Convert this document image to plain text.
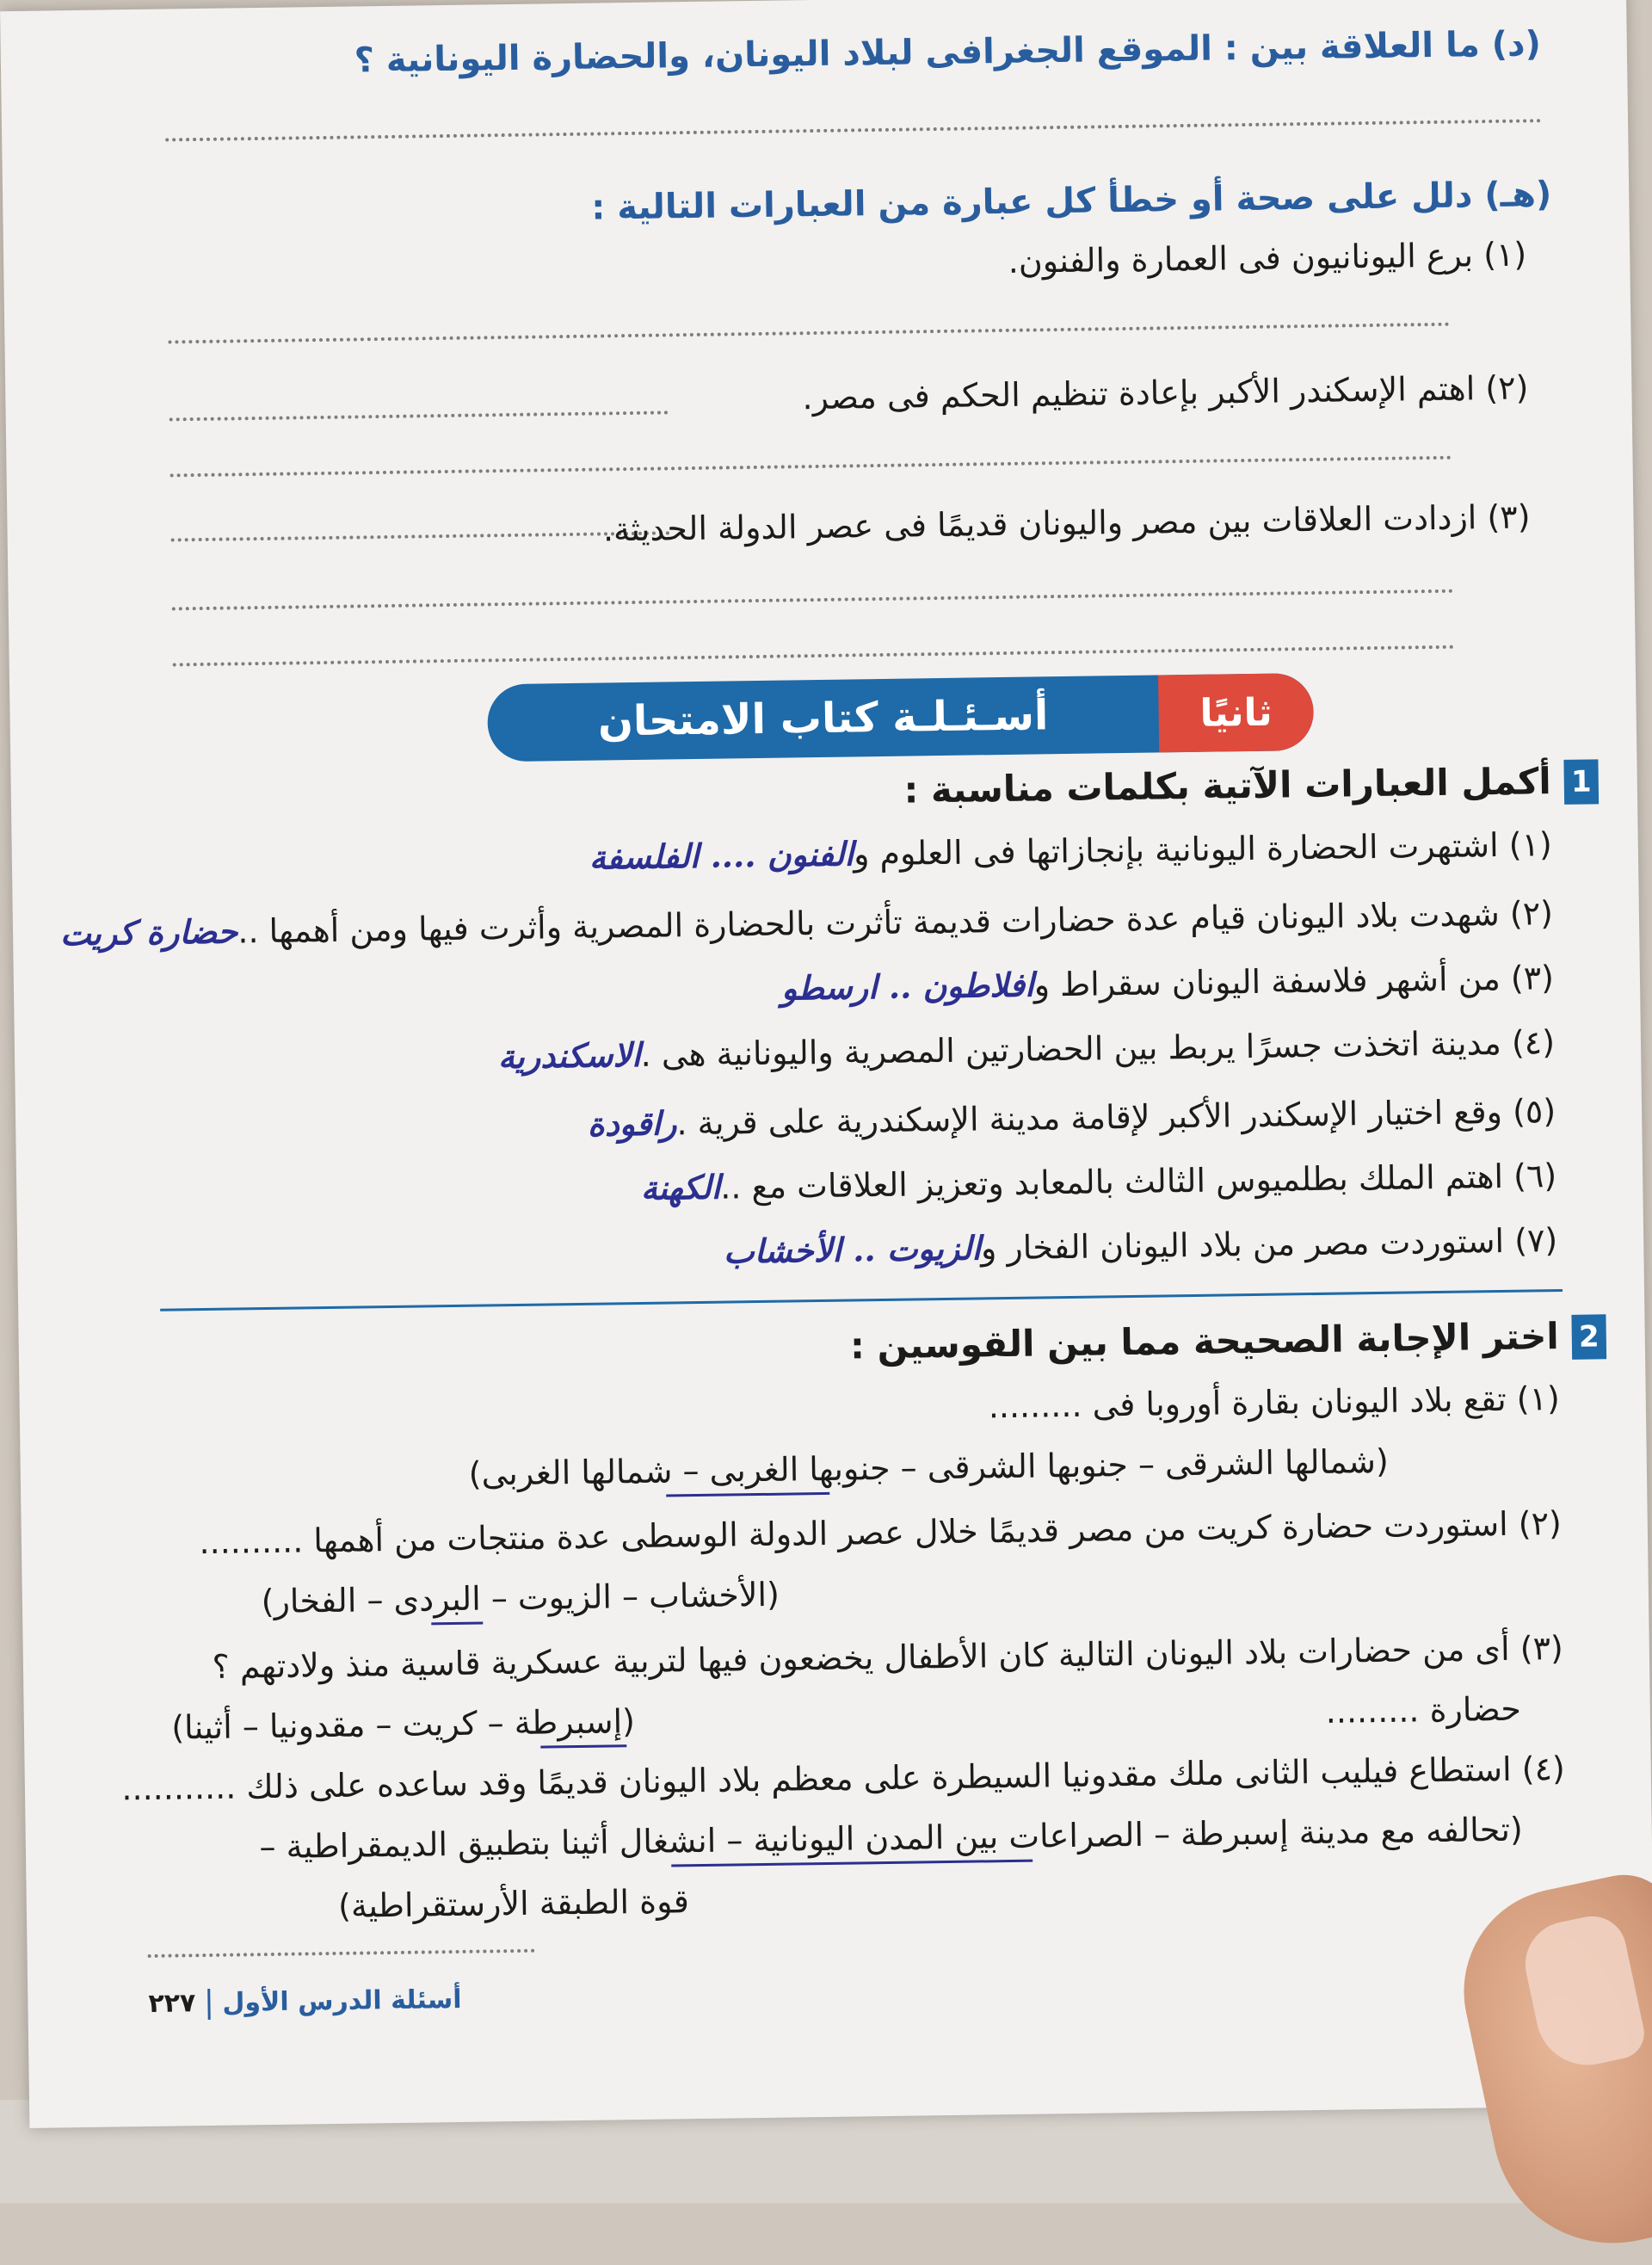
(د) ما العلاقة بين : الموقع الجغرافى لبلاد اليونان، والحضارة اليونانية ؟
(هـ) دلل على صحة أو خطأ كل عبارة من العبارات التالية :
(١) برع اليونانيون فى العمارة والفنون.
(٢) اهتم الإسكندر الأكبر بإعادة تنظيم الحكم فى مصر.
(٣) ازدادت العلاقات بين مصر واليونان قديمًا فى عصر الدولة الحديثة.
أسـئـلـة كتاب الامتحان	ثانيًا
1
أكمل العبارات الآتية بكلمات مناسبة :
(١) اشتهرت الحضارة اليونانية بإنجازاتها فى العلوم والفنون .... الفلسفة
(٢) شهدت بلاد اليونان قيام عدة حضارات قديمة تأثرت بالحضارة المصرية وأثرت فيها ومن أهمها ..حضارة كريت
(٣) من أشهر فلاسفة اليونان سقراط وافلاطون .. ارسطو
(٤) مدينة اتخذت جسرًا يربط بين الحضارتين المصرية واليونانية هى .الاسكندرية
(٥) وقع اختيار الإسكندر الأكبر لإقامة مدينة الإسكندرية على قرية .راقودة
(٦) اهتم الملك بطلميوس الثالث بالمعابد وتعزيز العلاقات مع ..الكهنة
(٧) استوردت مصر من بلاد اليونان الفخار والزيوت .. الأخشاب
2
اختر الإجابة الصحيحة مما بين القوسين :
(١) تقع بلاد اليونان بقارة أوروبا فى .........
(شمالها الشرقى – جنوبها الشرقى – جنوبها الغربى – شمالها الغربى)
(٢) استوردت حضارة كريت من مصر قديمًا خلال عصر الدولة الوسطى عدة منتجات من أهمها ..........
(الأخشاب – الزيوت – البردى – الفخار)
(٣) أى من حضارات بلاد اليونان التالية كان الأطفال يخضعون فيها لتربية عسكرية قاسية منذ ولادتهم ؟
حضارة .........
(إسبرطة – كريت – مقدونيا – أثينا)
(٤) استطاع فيليب الثانى ملك مقدونيا السيطرة على معظم بلاد اليونان قديمًا وقد ساعده على ذلك ...........
(تحالفه مع مدينة إسبرطة – الصراعات بين المدن اليونانية – انشغال أثينا بتطبيق الديمقراطية –
قوة الطبقة الأرستقراطية)
أسئلة الدرس الأول٢٢٧
